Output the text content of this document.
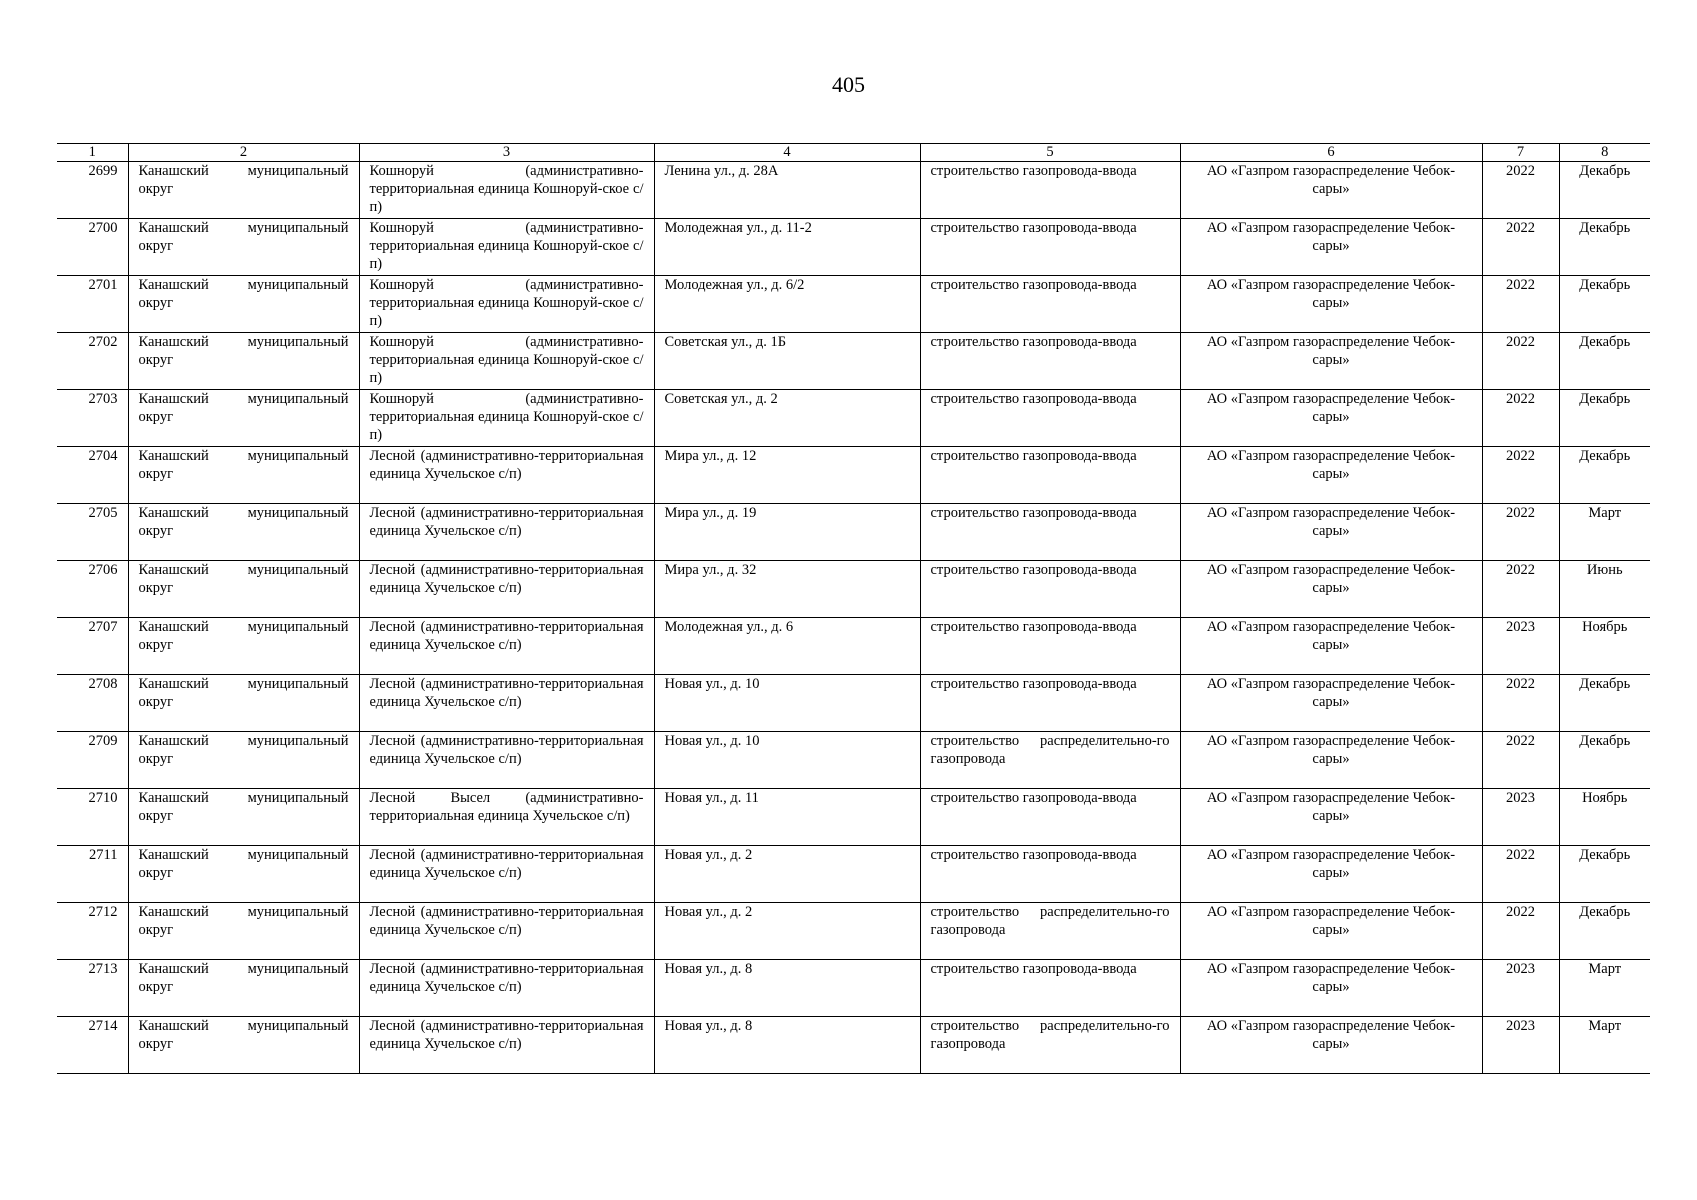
405
1	2	3	4	5	6	7	8
2699	Канашский муниципальный округ	Кошноруй (административно-территориальная единица Кошноруй-ское с/п)	Ленина ул., д. 28А	строительство газопровода-ввода	АО «Газпром газораспределение Чебок-сары»	2022	Декабрь
2700	Канашский муниципальный округ	Кошноруй (административно-территориальная единица Кошноруй-ское с/п)	Молодежная ул., д. 11-2	строительство газопровода-ввода	АО «Газпром газораспределение Чебок-сары»	2022	Декабрь
2701	Канашский муниципальный округ	Кошноруй (административно-территориальная единица Кошноруй-ское с/п)	Молодежная ул., д. 6/2	строительство газопровода-ввода	АО «Газпром газораспределение Чебок-сары»	2022	Декабрь
2702	Канашский муниципальный округ	Кошноруй (административно-территориальная единица Кошноруй-ское с/п)	Советская ул., д. 1Б	строительство газопровода-ввода	АО «Газпром газораспределение Чебок-сары»	2022	Декабрь
2703	Канашский муниципальный округ	Кошноруй (административно-территориальная единица Кошноруй-ское с/п)	Советская ул., д. 2	строительство газопровода-ввода	АО «Газпром газораспределение Чебок-сары»	2022	Декабрь
2704	Канашский муниципальный округ	Лесной (административно-территориальная единица Хучельское с/п)	Мира ул., д. 12	строительство газопровода-ввода	АО «Газпром газораспределение Чебок-сары»	2022	Декабрь
2705	Канашский муниципальный округ	Лесной (административно-территориальная единица Хучельское с/п)	Мира ул., д. 19	строительство газопровода-ввода	АО «Газпром газораспределение Чебок-сары»	2022	Март
2706	Канашский муниципальный округ	Лесной (административно-территориальная единица Хучельское с/п)	Мира ул., д. 32	строительство газопровода-ввода	АО «Газпром газораспределение Чебок-сары»	2022	Июнь
2707	Канашский муниципальный округ	Лесной (административно-территориальная единица Хучельское с/п)	Молодежная ул., д. 6	строительство газопровода-ввода	АО «Газпром газораспределение Чебок-сары»	2023	Ноябрь
2708	Канашский муниципальный округ	Лесной (административно-территориальная единица Хучельское с/п)	Новая ул., д. 10	строительство газопровода-ввода	АО «Газпром газораспределение Чебок-сары»	2022	Декабрь
2709	Канашский муниципальный округ	Лесной (административно-территориальная единица Хучельское с/п)	Новая ул., д. 10	строительство распределительно-го газопровода	АО «Газпром газораспределение Чебок-сары»	2022	Декабрь
2710	Канашский муниципальный округ	Лесной Высел (административно-территориальная единица Хучельское с/п)	Новая ул., д. 11	строительство газопровода-ввода	АО «Газпром газораспределение Чебок-сары»	2023	Ноябрь
2711	Канашский муниципальный округ	Лесной (административно-территориальная единица Хучельское с/п)	Новая ул., д. 2	строительство газопровода-ввода	АО «Газпром газораспределение Чебок-сары»	2022	Декабрь
2712	Канашский муниципальный округ	Лесной (административно-территориальная единица Хучельское с/п)	Новая ул., д. 2	строительство распределительно-го газопровода	АО «Газпром газораспределение Чебок-сары»	2022	Декабрь
2713	Канашский муниципальный округ	Лесной (административно-территориальная единица Хучельское с/п)	Новая ул., д. 8	строительство газопровода-ввода	АО «Газпром газораспределение Чебок-сары»	2023	Март
2714	Канашский муниципальный округ	Лесной (административно-территориальная единица Хучельское с/п)	Новая ул., д. 8	строительство распределительно-го газопровода	АО «Газпром газораспределение Чебок-сары»	2023	Март
